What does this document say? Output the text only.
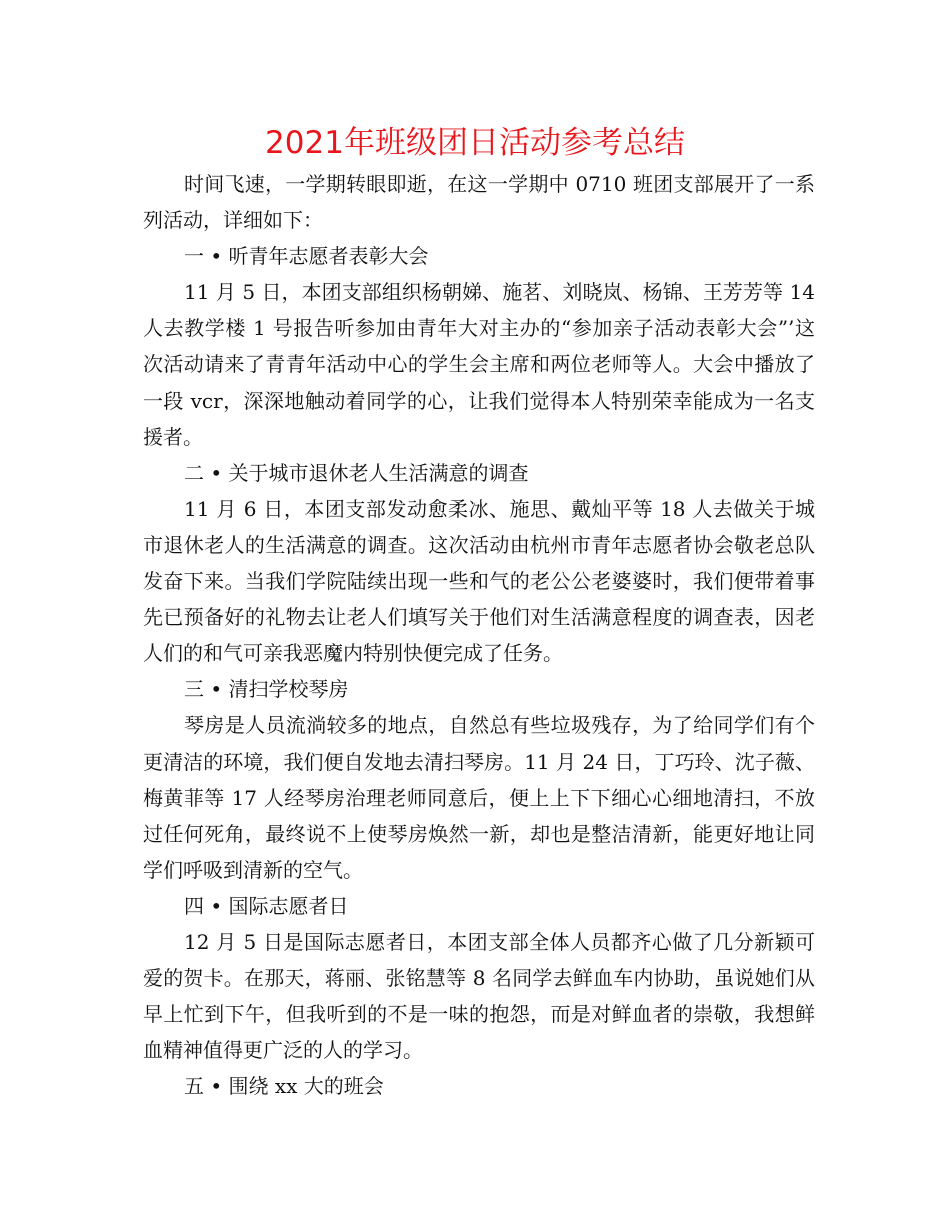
2021年班级团日活动参考总结

时间飞速，一学期转眼即逝，在这一学期中 0710 班团支部展开了一系列活动，详细如下：

一 • 听青年志愿者表彰大会

11 月 5 日，本团支部组织杨朝娣、施茗、刘晓岚、杨锦、王芳芳等 14 人去教学楼 1 号报告听参加由青年大对主办的“参加亲子活动表彰大会”’这次活动请来了青青年活动中心的学生会主席和两位老师等人。大会中播放了一段 vcr，深深地触动着同学的心，让我们觉得本人特别荣幸能成为一名支援者。

二 • 关于城市退休老人生活满意的调查

11 月 6 日，本团支部发动愈柔冰、施思、戴灿平等 18 人去做关于城市退休老人的生活满意的调查。这次活动由杭州市青年志愿者协会敬老总队发奋下来。当我们学院陆续出现一些和气的老公公老婆婆时，我们便带着事先已预备好的礼物去让老人们填写关于他们对生活满意程度的调查表，因老人们的和气可亲我恶魔内特别快便完成了任务。

三 • 清扫学校琴房

琴房是人员流淌较多的地点，自然总有些垃圾残存，为了给同学们有个更清洁的环境，我们便自发地去清扫琴房。11 月 24 日，丁巧玲、沈子薇、梅黄菲等 17 人经琴房治理老师同意后，便上上下下细心心细地清扫，不放过任何死角，最终说不上使琴房焕然一新，却也是整洁清新，能更好地让同学们呼吸到清新的空气。

四 • 国际志愿者日

12 月 5 日是国际志愿者日，本团支部全体人员都齐心做了几分新颖可爱的贺卡。在那天，蒋丽、张铭慧等 8 名同学去鲜血车内协助，虽说她们从早上忙到下午，但我听到的不是一味的抱怨，而是对鲜血者的崇敬，我想鲜血精神值得更广泛的人的学习。

五 • 围绕 xx 大的班会
